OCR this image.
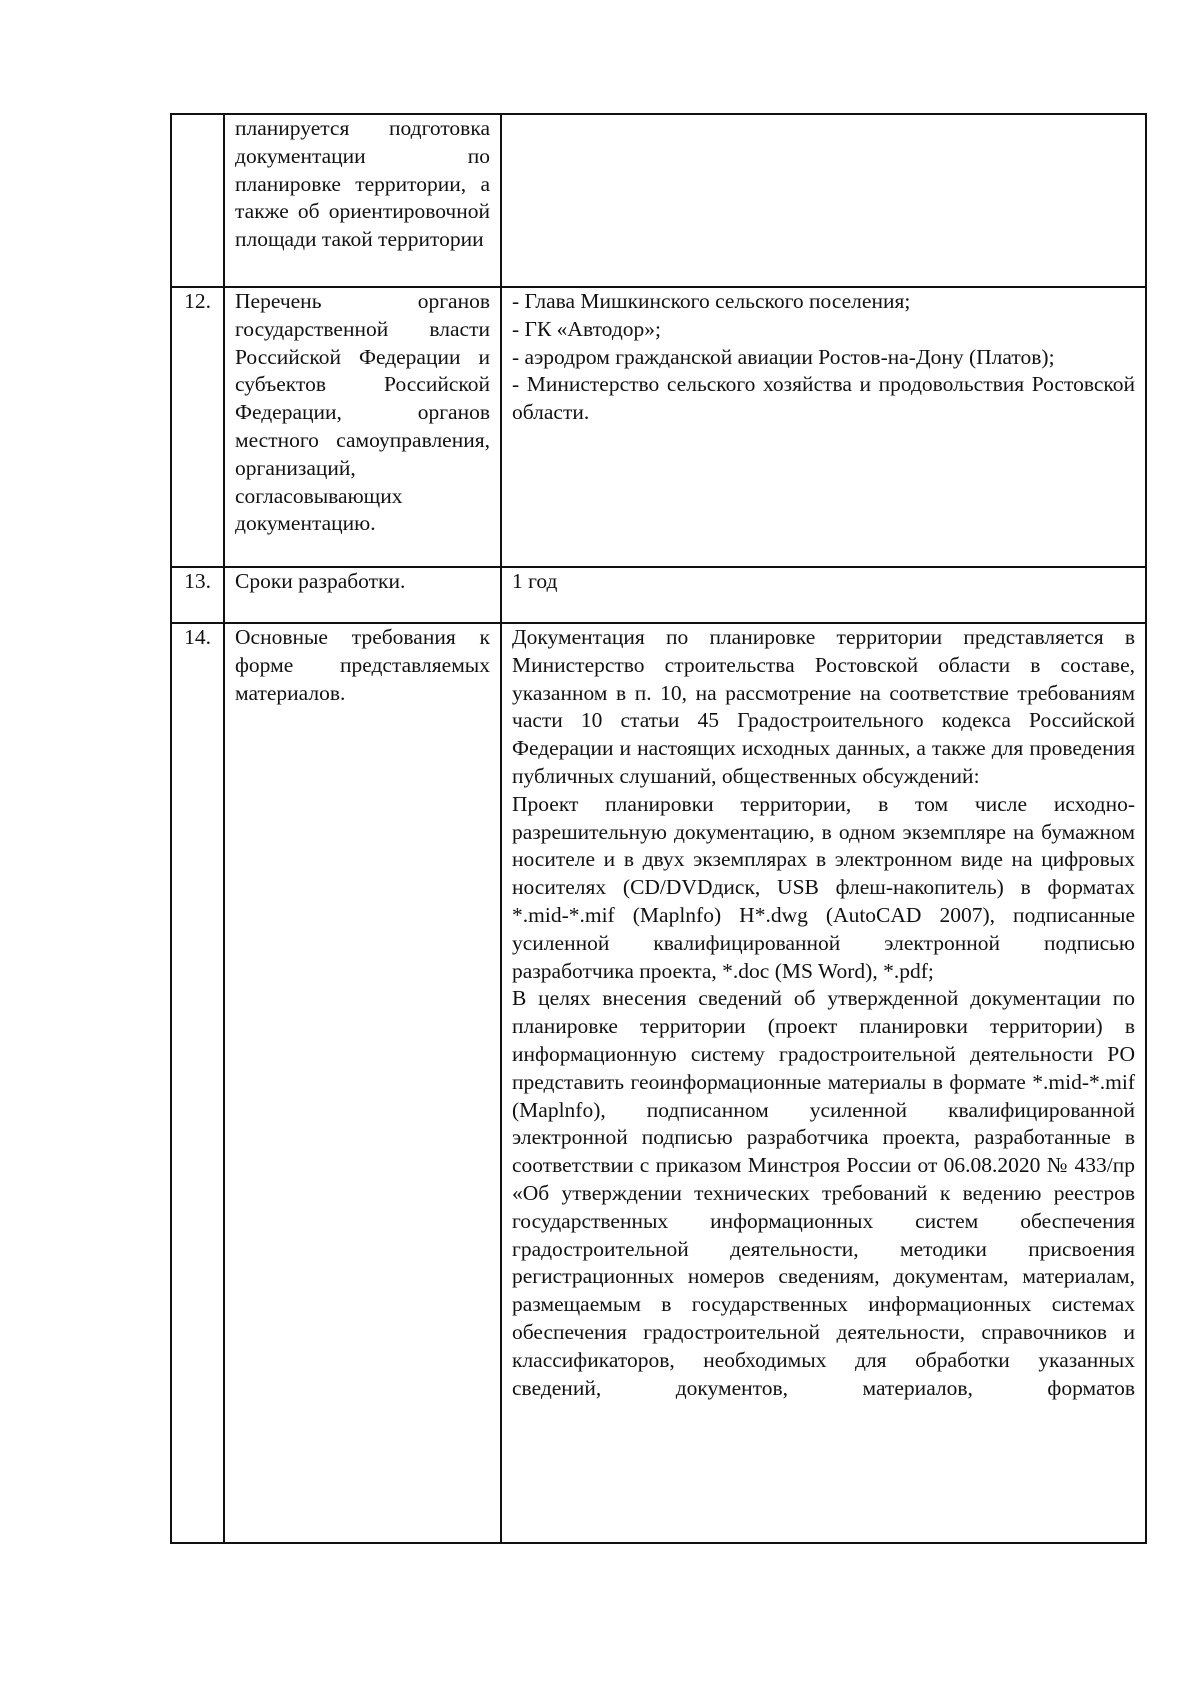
	планируется подготовка документации по планировке территории, а также об ориентировочной площади такой территории	
12.	Перечень органов государственной власти Российской Федерации и субъектов Российской Федерации, органов местного самоуправления, организаций, согласовывающих документацию.	- Глава Мишкинского сельского поселения;
- ГК «Автодор»;
- аэродром гражданской авиации Ростов-на-Дону (Платов);
- Министерство сельского хозяйства и продовольствия Ростовской области.

13.	Сроки разработки.	1 год

14.	Основные требования к форме представляемых материалов.	Документация по планировке территории представляется в Министерство строительства Ростовской области в составе, указанном в п. 10, на рассмотрение на соответствие требованиям части 10 статьи 45 Градостроительного кодекса Российской Федерации и настоящих исходных данных, а также для проведения публичных слушаний, общественных обсуждений:
Проект планировки территории, в том числе исходно-разрешительную документацию, в одном экземпляре на бумажном носителе и в двух экземплярах в электронном виде на цифровых носителях (CD/DVDдиск, USB флеш-накопитель) в форматах *.mid-*.mif (Maplnfo) H*.dwg (AutoCAD 2007), подписанные усиленной квалифицированной электронной подписью разработчика проекта, *.doc (MS Word), *.pdf;
В целях внесения сведений об утвержденной документации по планировке территории (проект планировки территории) в информационную систему градостроительной деятельности РО представить геоинформационные материалы в формате *.mid-*.mif (Maplnfo), подписанном усиленной квалифицированной электронной подписью разработчика проекта, разработанные в соответствии с приказом Минстроя России от 06.08.2020 № 433/пр «Об утверждении технических требований к ведению реестров государственных информационных систем обеспечения градостроительной деятельности, методики присвоения регистрационных номеров сведениям, документам, материалам, размещаемым в государственных информационных системах обеспечения градостроительной деятельности, справочников и классификаторов, необходимых для обработки указанных сведений, документов, материалов, форматов
